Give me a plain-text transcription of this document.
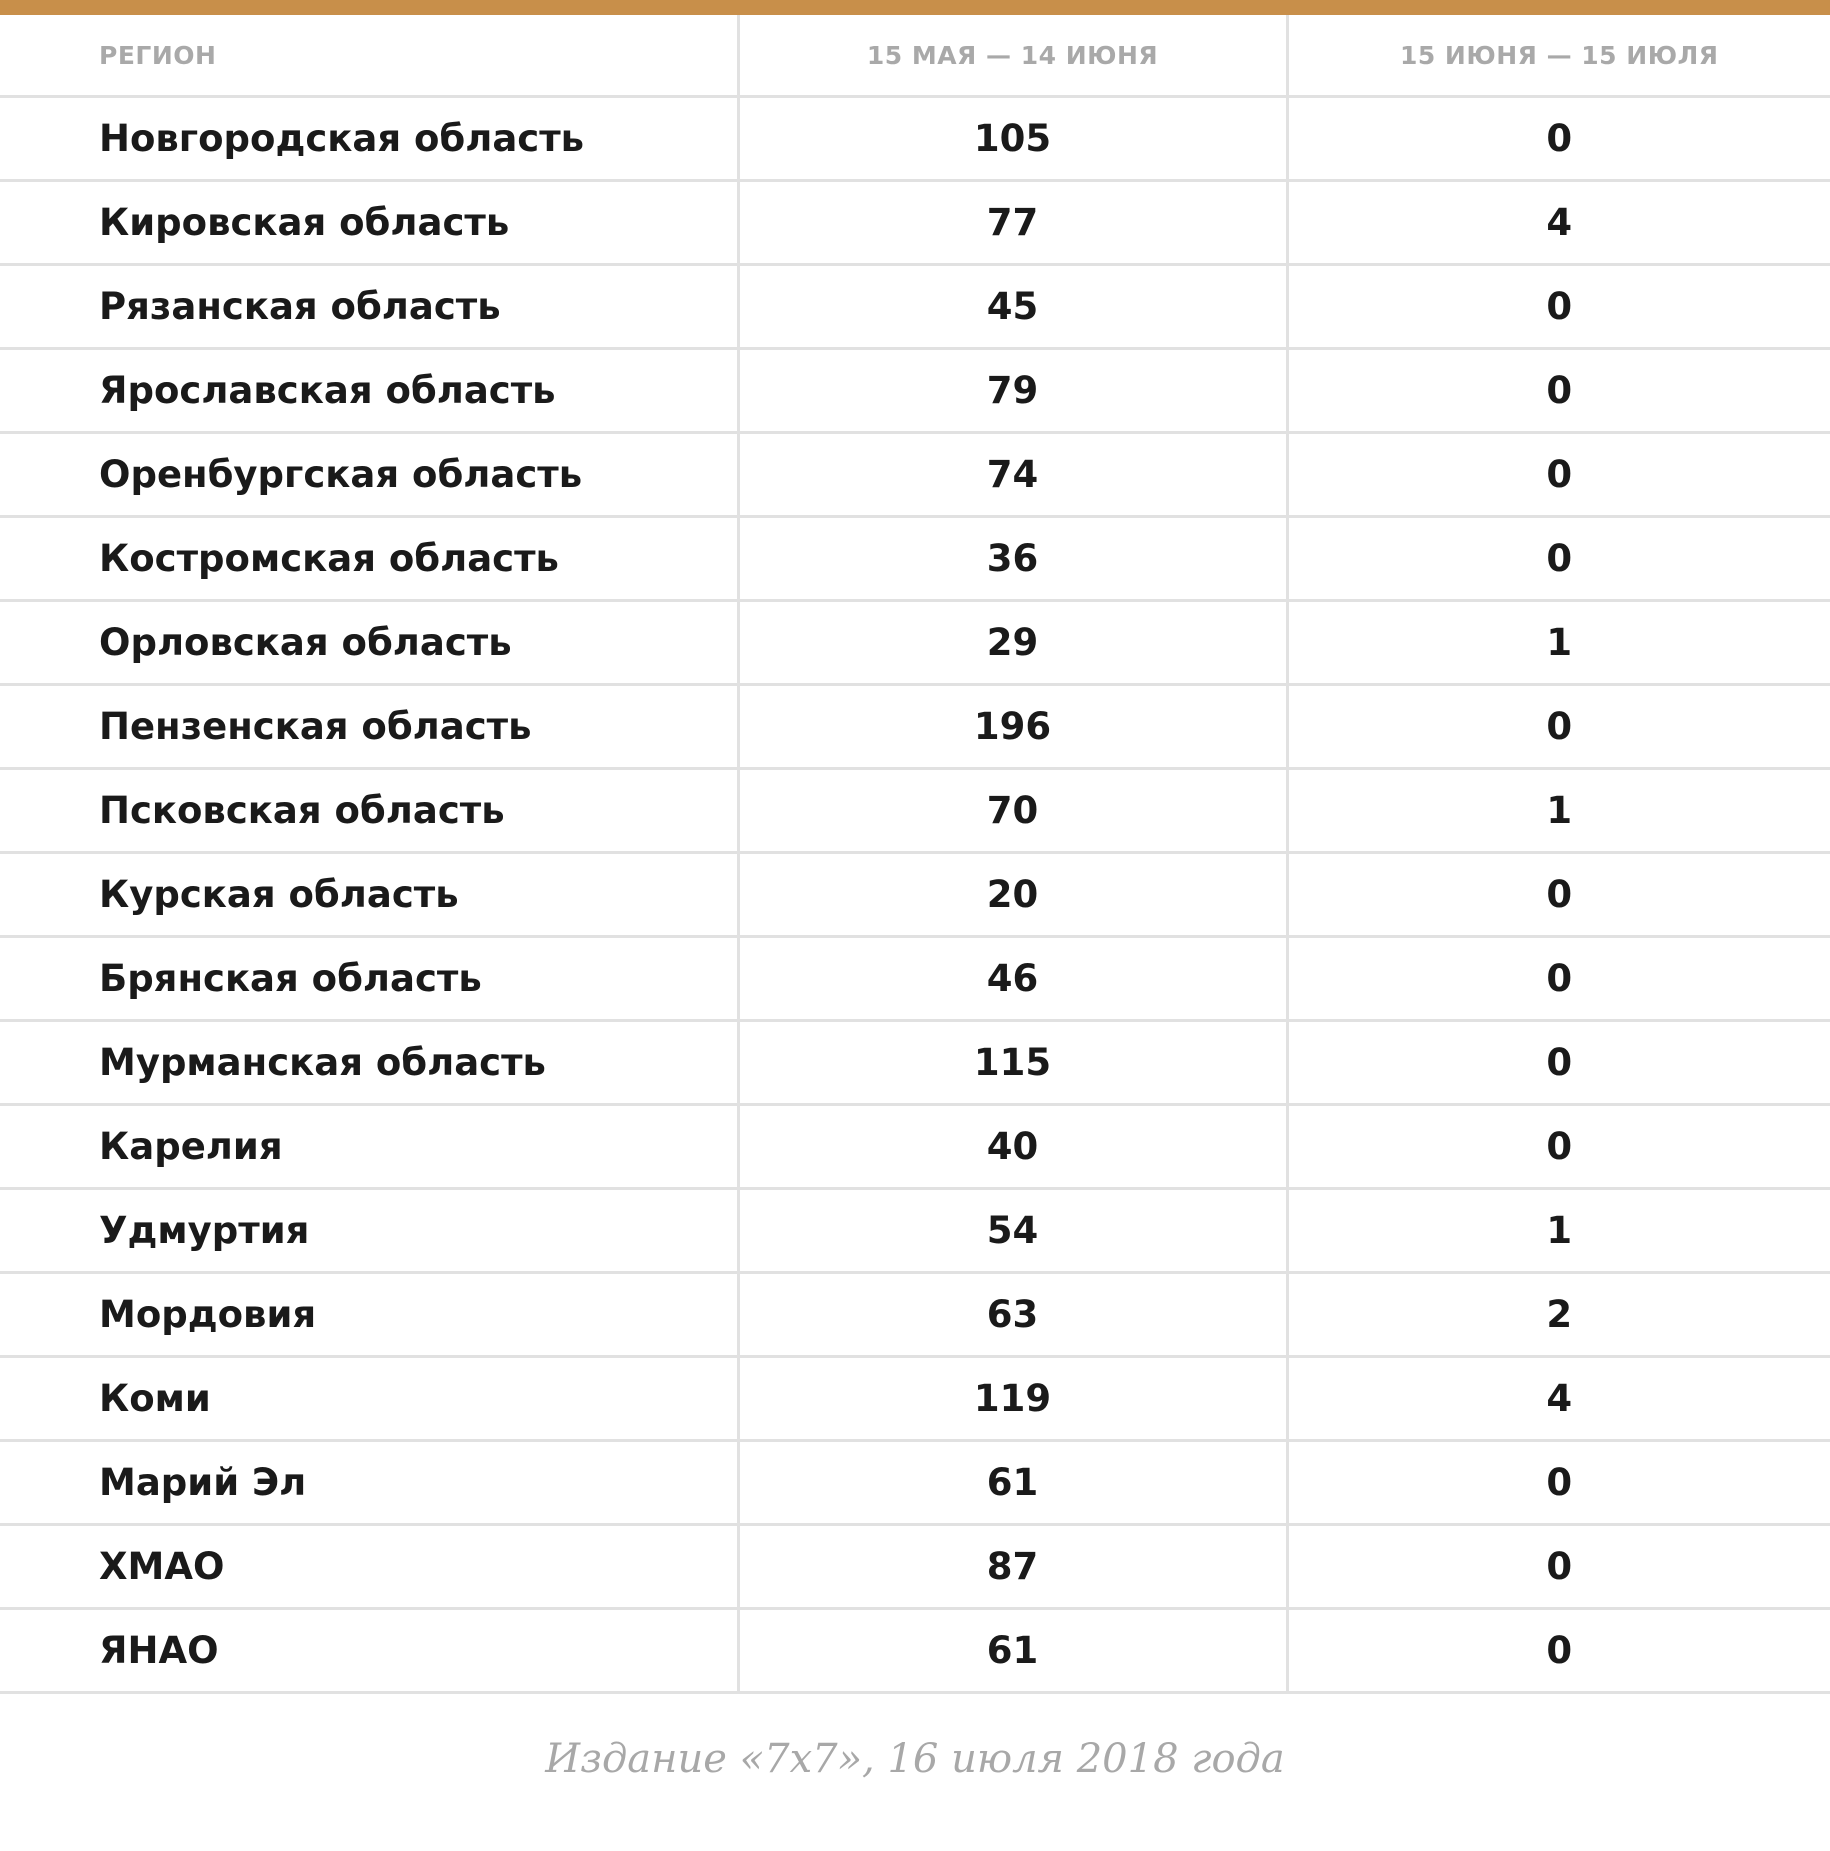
РЕГИОН	15 МАЯ — 14 ИЮНЯ	15 ИЮНЯ — 15 ИЮЛЯ
Новгородская область	105	0
Кировская область	77	4
Рязанская область	45	0
Ярославская область	79	0
Оренбургская область	74	0
Костромская область	36	0
Орловская область	29	1
Пензенская область	196	0
Псковская область	70	1
Курская область	20	0
Брянская область	46	0
Мурманская область	115	0
Карелия	40	0
Удмуртия	54	1
Мордовия	63	2
Коми	119	4
Марий Эл	61	0
ХМАО	87	0
ЯНАО	61	0
Издание «7x7», 16 июля 2018 года
